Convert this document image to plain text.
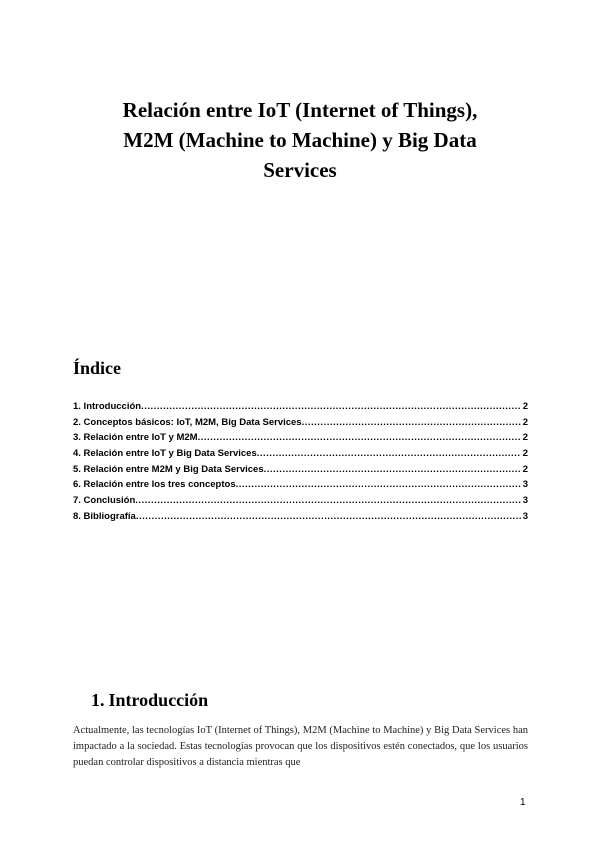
Relación entre IoT (Internet of Things),
M2M (Machine to Machine) y Big Data
Services
Índice
1. Introducción .....	2
2. Conceptos básicos: IoT, M2M, Big Data Services .....	2
3. Relación entre IoT y M2M .....	2
4. Relación entre IoT y Big Data Services .....	2
5. Relación entre M2M y Big Data Services .....	2
6. Relación entre los tres conceptos .....	3
7. Conclusión .....	3
8. Bibliografía .....	3
1. Introducción

Actualmente, las tecnologías IoT (Internet of Things), M2M (Machine to Machine) y Big Data Services han impactado a la sociedad. Estas tecnologías provocan que los dispositivos estén conectados, que los usuarios puedan controlar dispositivos a distancia mientras que

1
